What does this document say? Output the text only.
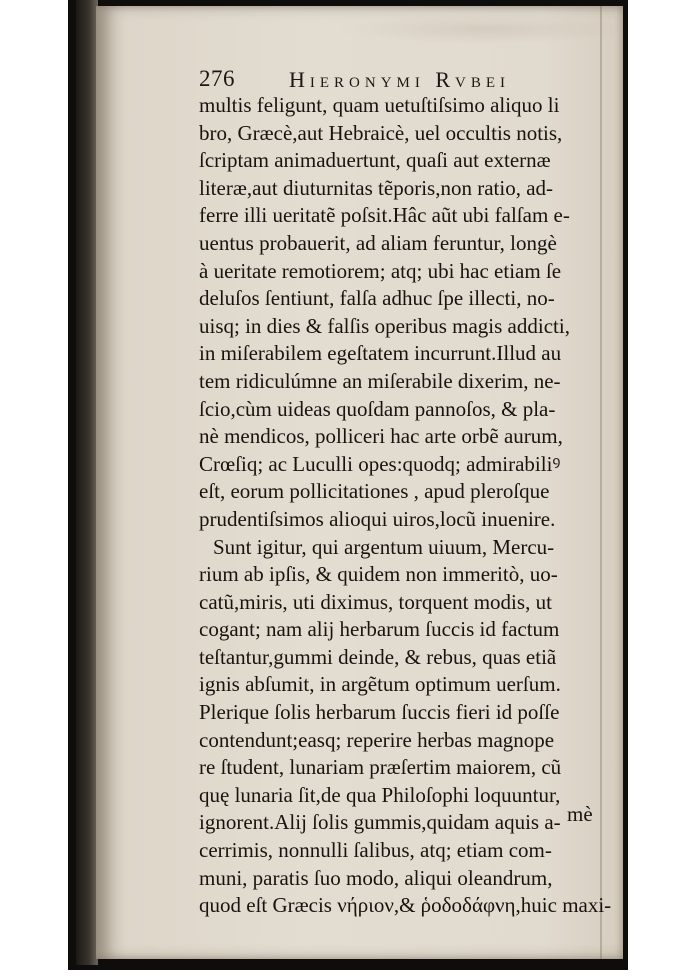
276 Hieronymi Rvbei
multis feligunt, quam uetuſtiſsimo aliquo li
bro, Græcè,aut Hebraicè, uel occultis notis,
ſcriptam animaduertunt, quaſi aut externæ
literæ,aut diuturnitas tẽporis,non ratio, ad-
ferre illi ueritatẽ poſsit.Hâc aũt ubi falſam e-
uentus probauerit, ad aliam feruntur, longè
à ueritate remotiorem; atq; ubi hac etiam ſe
deluſos ſentiunt, falſa adhuc ſpe illecti, no-
uisq; in dies & falſis operibus magis addicti,
in miſerabilem egeſtatem incurrunt.Illud au
tem ridiculúmne an miſerabile dixerim, ne-
ſcio,cùm uideas quoſdam pannoſos, & pla-
nè mendicos, polliceri hac arte orbẽ aurum,
Crœſiq; ac Luculli opes:quodq; admirabiliꝰ
eſt, eorum pollicitationes , apud pleroſque
prudentiſsimos alioqui uiros,locũ inuenire.
Sunt igitur, qui argentum uiuum, Mercu-
rium ab ipſis, & quidem non immeritò, uo-
catũ,miris, uti diximus, torquent modis, ut
cogant; nam alij herbarum ſuccis id factum
teſtantur,gummi deinde, & rebus, quas etiã
ignis abſumit, in argẽtum optimum uerſum.
Plerique ſolis herbarum ſuccis fieri id poſſe
contendunt;easq; reperire herbas magnope
re ſtudent, lunariam præſertim maiorem, cũ
quę lunaria ſit,de qua Philoſophi loquuntur,
ignorent.Alij ſolis gummis,quidam aquis a-
cerrimis, nonnulli ſalibus, atq; etiam com-
muni, paratis ſuo modo, aliqui oleandrum,
quod eſt Græcis νήριον,& ῥοδοδάφνη,huic maxi-
mè
